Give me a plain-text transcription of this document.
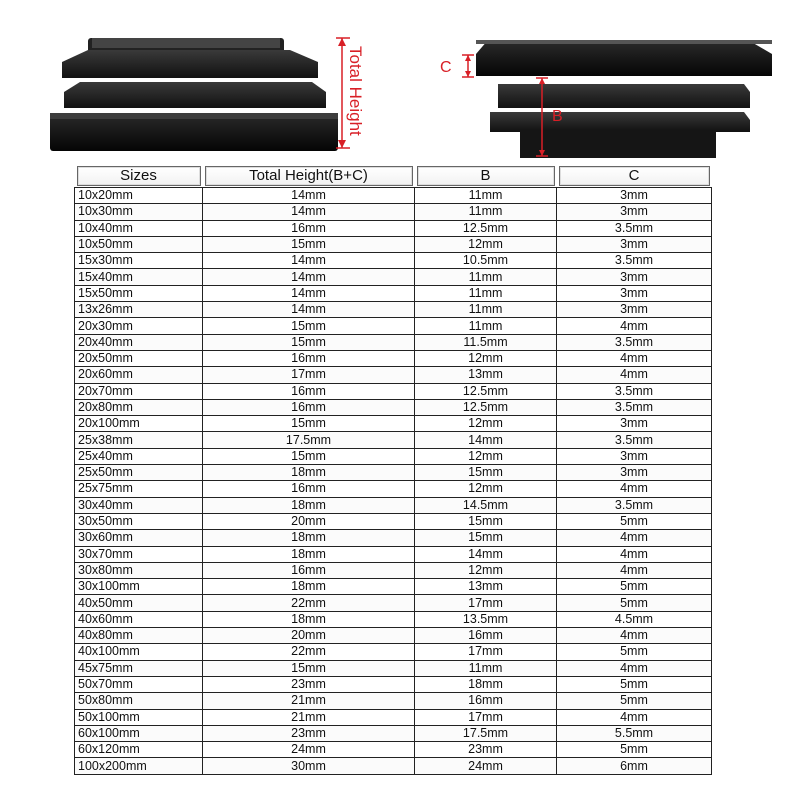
Total Height	C
B
Sizes	Total Height(B+C)	B	C

10x20mm	14mm	11mm	3mm
10x30mm	14mm	11mm	3mm
10x40mm	16mm	12.5mm	3.5mm
10x50mm	15mm	12mm	3mm
15x30mm	14mm	10.5mm	3.5mm
15x40mm	14mm	11mm	3mm
15x50mm	14mm	11mm	3mm
13x26mm	14mm	11mm	3mm
20x30mm	15mm	11mm	4mm
20x40mm	15mm	11.5mm	3.5mm
20x50mm	16mm	12mm	4mm
20x60mm	17mm	13mm	4mm
20x70mm	16mm	12.5mm	3.5mm
20x80mm	16mm	12.5mm	3.5mm
20x100mm	15mm	12mm	3mm
25x38mm	17.5mm	14mm	3.5mm
25x40mm	15mm	12mm	3mm
25x50mm	18mm	15mm	3mm
25x75mm	16mm	12mm	4mm
30x40mm	18mm	14.5mm	3.5mm
30x50mm	20mm	15mm	5mm
30x60mm	18mm	15mm	4mm
30x70mm	18mm	14mm	4mm
30x80mm	16mm	12mm	4mm
30x100mm	18mm	13mm	5mm
40x50mm	22mm	17mm	5mm
40x60mm	18mm	13.5mm	4.5mm
40x80mm	20mm	16mm	4mm
40x100mm	22mm	17mm	5mm
45x75mm	15mm	11mm	4mm
50x70mm	23mm	18mm	5mm
50x80mm	21mm	16mm	5mm
50x100mm	21mm	17mm	4mm
60x100mm	23mm	17.5mm	5.5mm
60x120mm	24mm	23mm	5mm
100x200mm	30mm	24mm	6mm
